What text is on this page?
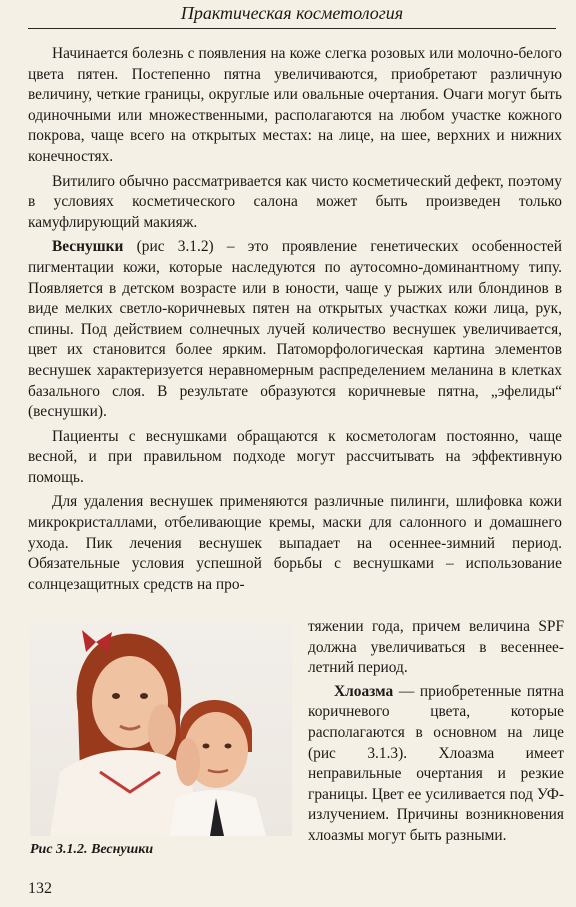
Практическая косметология

Начинается болезнь с появления на коже слегка розовых или молочно-белого цвета пятен. Постепенно пятна увеличиваются, приобретают различную величину, четкие границы, округлые или овальные очертания. Очаги могут быть одиночными или множественными, располагаются на любом участке кожного покрова, чаще всего на открытых местах: на лице, на шее, верхних и нижних конечностях.

Витилиго обычно рассматривается как чисто косметический дефект, поэтому в условиях косметического салона может быть произведен только камуфлирующий макияж.

Веснушки (рис 3.1.2) – это проявление генетических особенностей пигментации кожи, которые наследуются по аутосомно-доминантному типу. Появляется в детском возрасте или в юности, чаще у рыжих или блондинов в виде мелких светло-коричневых пятен на открытых участках кожи лица, рук, спины. Под действием солнечных лучей количество веснушек увеличивается, цвет их становится более ярким. Патоморфологическая картина элементов веснушек характеризуется неравномерным распределением меланина в клетках базального слоя. В результате образуются коричневые пятна, „эфелиды“ (веснушки).

Пациенты с веснушками обращаются к косметологам постоянно, чаще весной, и при правильном подходе могут рассчитывать на эффективную помощь.

Для удаления веснушек применяются различные пилинги, шлифовка кожи микрокристаллами, отбеливающие кремы, маски для салонного и домашнего ухода. Пик лечения веснушек выпадает на осеннее-зимний период. Обязательные условия успешной борьбы с веснушками – использование солнцезащитных средств на про-

Рис 3.1.2. Веснушки

тяжении года, причем величина SPF должна увеличиваться в весеннее-летний период.

Хлоазма — приобретенные пятна коричневого цвета, которые располагаются в основном на лице (рис 3.1.3). Хлоазма имеет неправильные очертания и резкие границы. Цвет ее усиливается под УФ-излучением. Причины возникновения хлоазмы могут быть разными.

132
